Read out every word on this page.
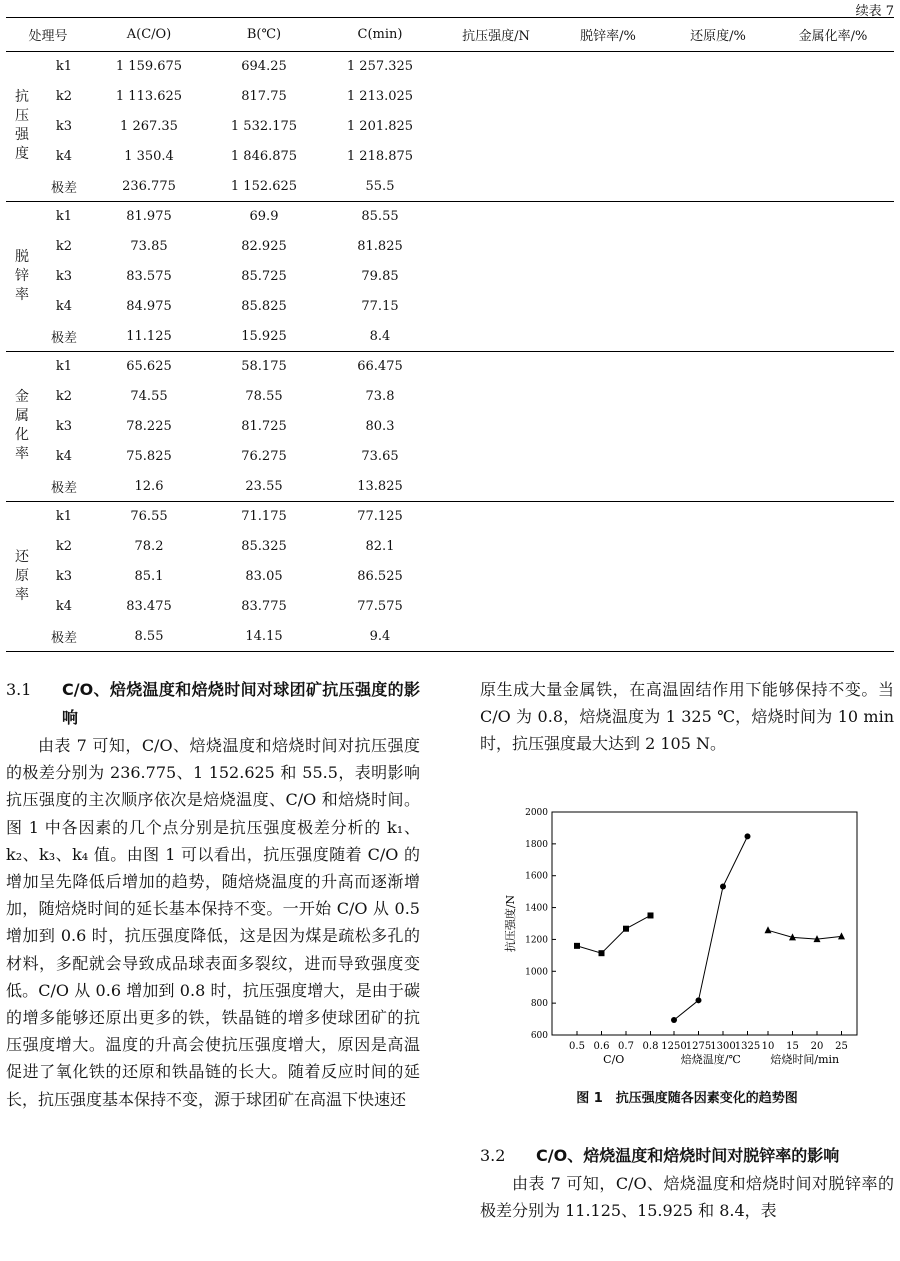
续表 7
处理号		A(C/O)	B(℃)	C(min)	抗压强度/N	脱锌率/%	还原度/%	金属化率/%

抗
压
强
度	k1	1 159.675	694.25	1 257.325				
	k2	1 113.625	817.75	1 213.025				
	k3	1 267.35	1 532.175	1 201.825				
	k4	1 350.4	1 846.875	1 218.875				
	极差	236.775	1 152.625	55.5				

脱
锌
率	k1	81.975	69.9	85.55				
	k2	73.85	82.925	81.825				
	k3	83.575	85.725	79.85				
	k4	84.975	85.825	77.15				
	极差	11.125	15.925	8.4				

金
属
化
率	k1	65.625	58.175	66.475				
	k2	74.55	78.55	73.8				
	k3	78.225	81.725	80.3				
	k4	75.825	76.275	73.65				
	极差	12.6	23.55	13.825				

还
原
率	k1	76.55	71.175	77.125				
	k2	78.2	85.325	82.1				
	k3	85.1	83.05	86.525				
	k4	83.475	83.775	77.575				
	极差	8.55	14.15	9.4				
3.1	C/O、焙烧温度和焙烧时间对球团矿抗压强度的影响

由表 7 可知，C/O、焙烧温度和焙烧时间对抗压强度的极差分别为 236.775、1 152.625 和 55.5，表明影响抗压强度的主次顺序依次是焙烧温度、C/O 和焙烧时间。图 1 中各因素的几个点分别是抗压强度极差分析的 k₁、k₂、k₃、k₄ 值。由图 1 可以看出，抗压强度随着 C/O 的增加呈先降低后增加的趋势，随焙烧温度的升高而逐渐增加，随焙烧时间的延长基本保持不变。一开始 C/O 从 0.5 增加到 0.6 时，抗压强度降低，这是因为煤是疏松多孔的材料，多配就会导致成品球表面多裂纹，进而导致强度变低。C/O 从 0.6 增加到 0.8 时，抗压强度增大，是由于碳的增多能够还原出更多的铁，铁晶链的增多使球团矿的抗压强度增大。温度的升高会使抗压强度增大，原因是高温促进了氧化铁的还原和铁晶链的长大。随着反应时间的延长，抗压强度基本保持不变，源于球团矿在高温下快速还

原生成大量金属铁，在高温固结作用下能够保持不变。当 C/O 为 0.8，焙烧温度为 1 325 ℃，焙烧时间为 10 min 时，抗压强度最大达到 2 105 N。

600
800
1000
1200
1400
1600
1800
2000
抗压强度/N
0.5 0.6 0.7 0.8
C/O
1250 1275 1300 1325
焙烧温度/℃
10 15 20 25
焙烧时间/min
图 1　抗压强度随各因素变化的趋势图
3.2	C/O、焙烧温度和焙烧时间对脱锌率的影响

由表 7 可知，C/O、焙烧温度和焙烧时间对脱锌率的极差分别为 11.125、15.925 和 8.4，表
